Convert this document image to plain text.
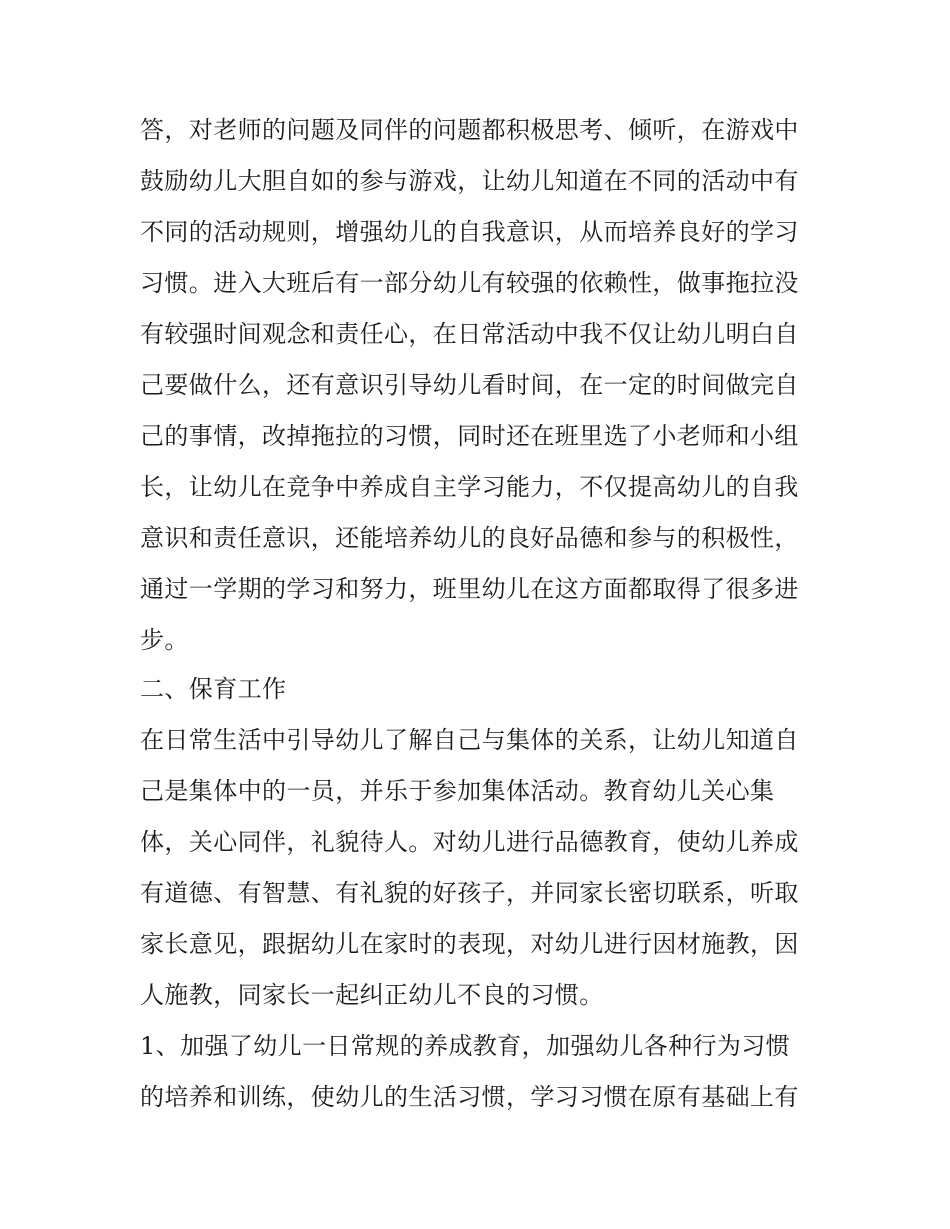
答，对老师的问题及同伴的问题都积极思考、倾听，在游戏中
鼓励幼儿大胆自如的参与游戏，让幼儿知道在不同的活动中有
不同的活动规则，增强幼儿的自我意识，从而培养良好的学习
习惯。进入大班后有一部分幼儿有较强的依赖性，做事拖拉没
有较强时间观念和责任心，在日常活动中我不仅让幼儿明白自
己要做什么，还有意识引导幼儿看时间，在一定的时间做完自
己的事情，改掉拖拉的习惯，同时还在班里选了小老师和小组
长，让幼儿在竞争中养成自主学习能力，不仅提高幼儿的自我
意识和责任意识，还能培养幼儿的良好品德和参与的积极性，
通过一学期的学习和努力，班里幼儿在这方面都取得了很多进
步。
二、保育工作
在日常生活中引导幼儿了解自己与集体的关系，让幼儿知道自
己是集体中的一员，并乐于参加集体活动。教育幼儿关心集
体，关心同伴，礼貌待人。对幼儿进行品德教育，使幼儿养成
有道德、有智慧、有礼貌的好孩子，并同家长密切联系，听取
家长意见，跟据幼儿在家时的表现，对幼儿进行因材施教，因
人施教，同家长一起纠正幼儿不良的习惯。
1、加强了幼儿一日常规的养成教育，加强幼儿各种行为习惯
的培养和训练，使幼儿的生活习惯，学习习惯在原有基础上有
